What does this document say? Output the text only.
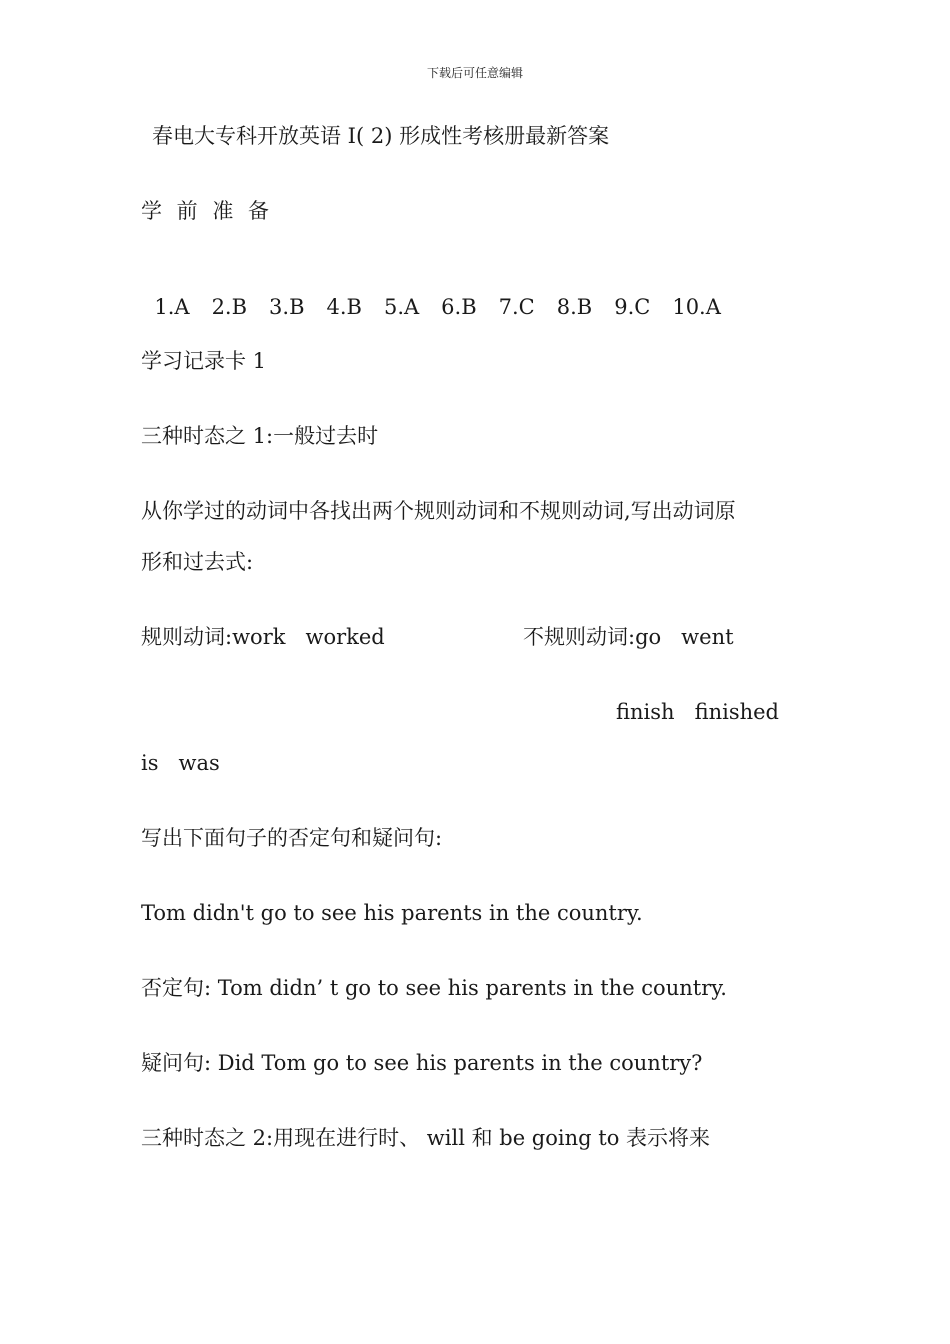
下载后可任意编辑
春电大专科开放英语 I( 2) 形成性考核册最新答案
学 前 准 备

1.A 2.B 3.B 4.B 5.A 6.B 7.C 8.B 9.C 10.A

学习记录卡 1
三种时态之 1:一般过去时
从你学过的动词中各找出两个规则动词和不规则动词,写出动词原
形和过去式:
规则动词:work   worked	不规则动词:go   went
finish   finished
is   was
写出下面句子的否定句和疑问句:
Tom didn't go to see his parents in the country.
否定句: Tom didn’ t go to see his parents in the country.
疑问句: Did Tom go to see his parents in the country?
三种时态之 2:用现在进行时、 will 和 be going to 表示将来
